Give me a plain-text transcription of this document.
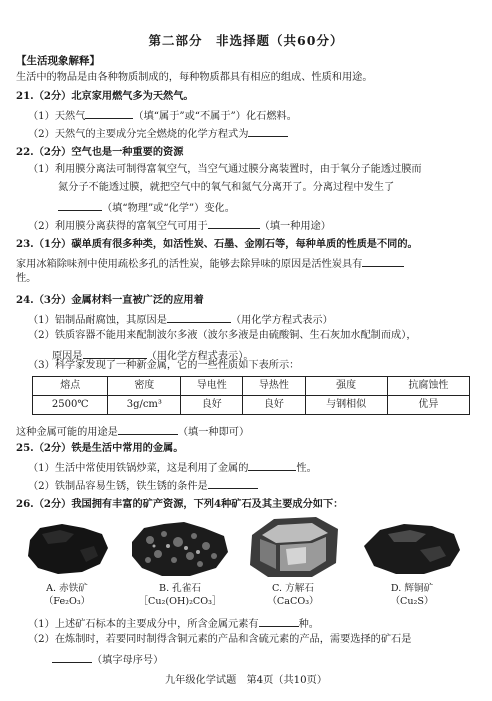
第二部分　非选择题（共60分）
【生活现象解释】
生活中的物品是由各种物质制成的，每种物质都具有相应的组成、性质和用途。
21.（2分）北京家用燃气多为天然气。
（1）天然气	（填“属于”或“不属于”）化石燃料。
（2）天然气的主要成分完全燃烧的化学方程式为
22.（2分）空气也是一种重要的资源
（1）利用膜分离法可制得富氧空气，当空气通过膜分离装置时，由于氧分子能透过膜而
氮分子不能透过膜，就把空气中的氧气和氮气分离开了。分离过程中发生了
（填“物理”或“化学”）变化。
（2）利用膜分离获得的富氧空气可用于	（填一种用途）
23.（1分）碳单质有很多种类，如活性炭、石墨、金刚石等，每种单质的性质是不同的。
家用冰箱除味剂中使用疏松多孔的活性炭，能够去除异味的原因是活性炭具有
性。
24.（3分）金属材料一直被广泛的应用着
（1）铝制品耐腐蚀，其原因是	（用化学方程式表示）
（2）铁质容器不能用来配制波尔多液（波尔多液是由硫酸铜、生石灰加水配制而成），
原因是	（用化学方程式表示）。
（3）科学家发现了一种新金属，它的一些性质如下表所示：
熔点	密度	导电性	导热性	强度	抗腐蚀性
2500℃	3g/cm³	良好	良好	与钢相似	优异
这种金属可能的用途是	（填一种即可）
25.（2分）铁是生活中常用的金属。
（1）生活中常使用铁锅炒菜，这是利用了金属的	性。
（2）铁制品容易生锈，铁生锈的条件是
26.（2分）我国拥有丰富的矿产资源，下列4种矿石及其主要成分如下：
A. 赤铁矿
（Fe₂O₃）
B. 孔雀石
［Cu₂(OH)₂CO₃］
C. 方解石
（CaCO₃）
D. 辉铜矿
（Cu₂S）
（1）上述矿石标本的主要成分中，所含金属元素有	种。
（2）在炼制时，若要同时制得含铜元素的产品和含硫元素的产品，需要选择的矿石是
（填字母序号）
九年级化学试题　第4页（共10页）
